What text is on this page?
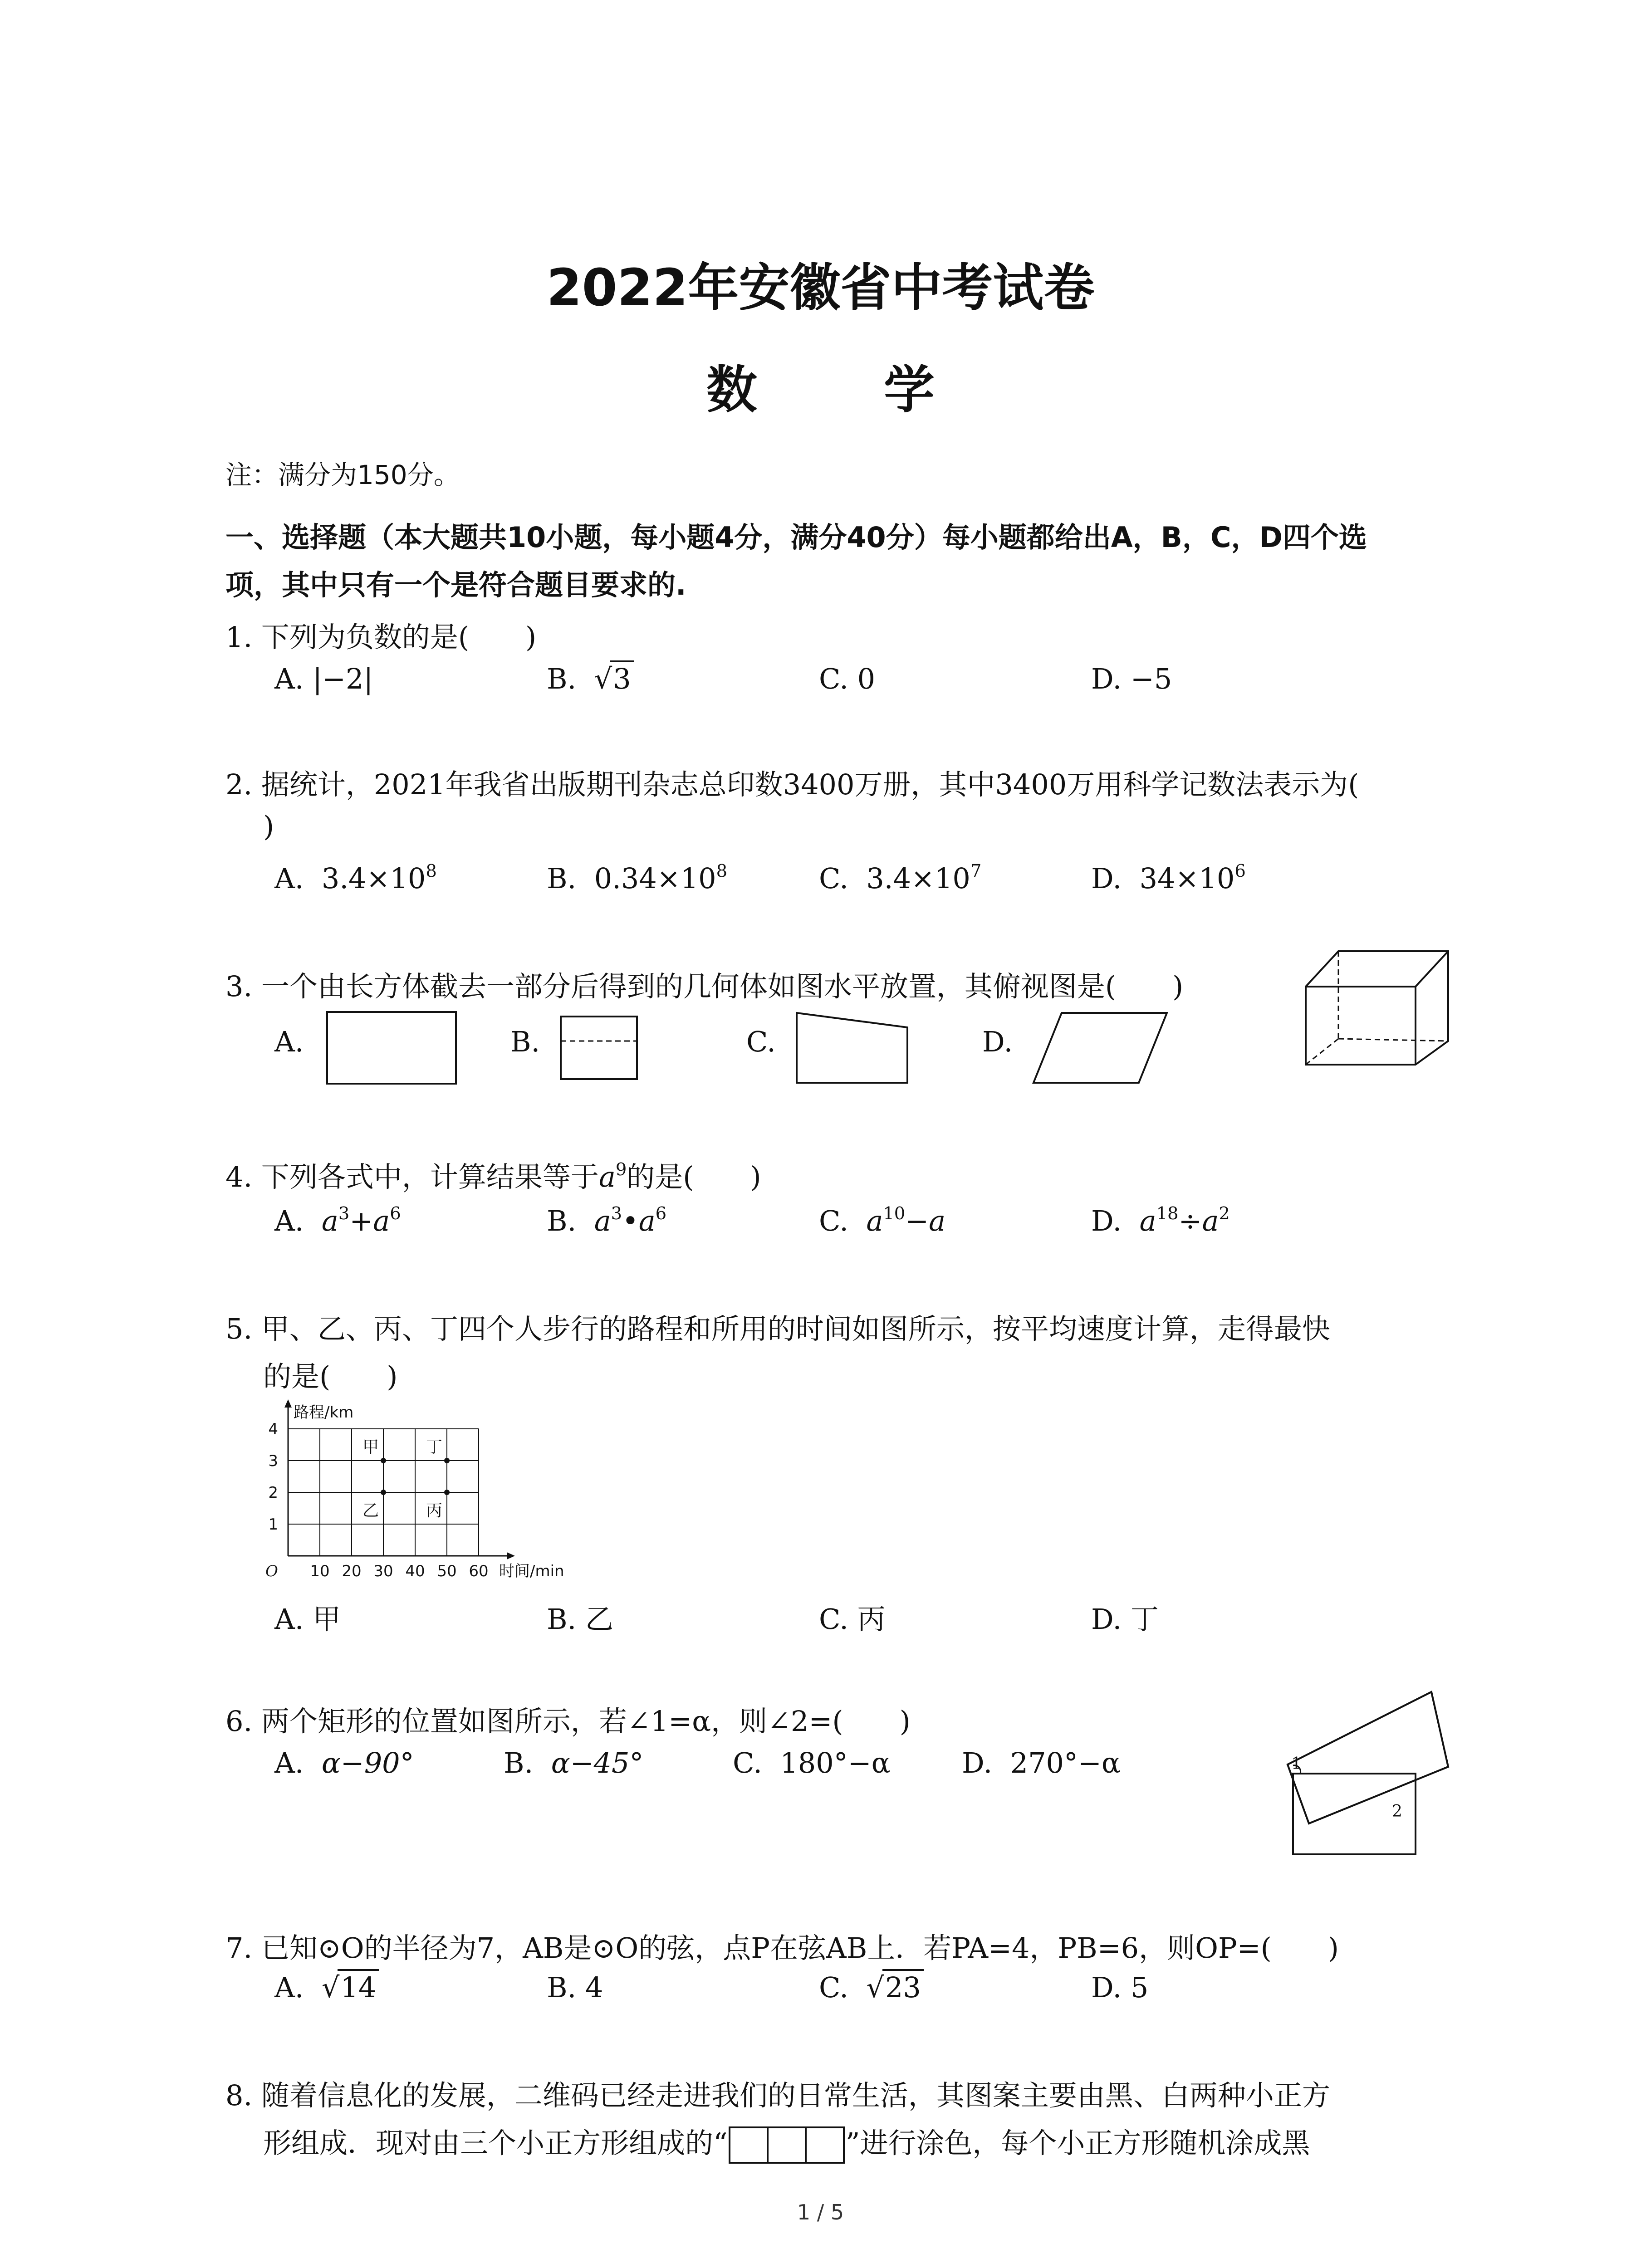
2022年安徽省中考试卷
数 学
注：满分为150分。
一、选择题（本大题共10小题，每小题4分，满分40分）每小题都给出A，B，C，D四个选
项，其中只有一个是符合题目要求的.
1. 下列为负数的是(　　)
A. |−2|	B. √3	C. 0	D. −5
2. 据统计，2021年我省出版期刊杂志总印数3400万册，其中3400万用科学记数法表示为(
)
A. $3.4\times 10^8$	B. $0.34\times 10^8$	C. $3.4\times 10^7$	D. $34\times 10^6$
3. 一个由长方体截去一部分后得到的几何体如图水平放置，其俯视图是(　　)
A.	B.	C.	D.
4. 下列各式中，计算结果等于$a^9$的是(　　)
A. $a^3+a^6$	B. $a^3•a^6$	C. $a^{10}-a$	D. $a^{18}\div a^2$
5. 甲、乙、丙、丁四个人步行的路程和所用的时间如图所示，按平均速度计算，走得最快
的是(　　)
10 20 30 40 50 60
1
2
3
4
O
路程/km
时间/min
甲
乙	丙
丁
A. 甲	B. 乙	C. 丙	D. 丁
6. 两个矩形的位置如图所示，若∠1=α，则∠2=(　　)
A. α−90°	B. α−45°	C. 180°−α	D. 270°−α	1
2
7. 已知⊙O的半径为7，AB是⊙O的弦，点P在弦AB上．若PA=4，PB=6，则OP=(　　)
A. √14	B. 4	C. √23	D. 5
8. 随着信息化的发展，二维码已经走进我们的日常生活，其图案主要由黑、白两种小正方
形组成．现对由三个小正方形组成的“	”进行涂色，每个小正方形随机涂成黑
1 / 5
